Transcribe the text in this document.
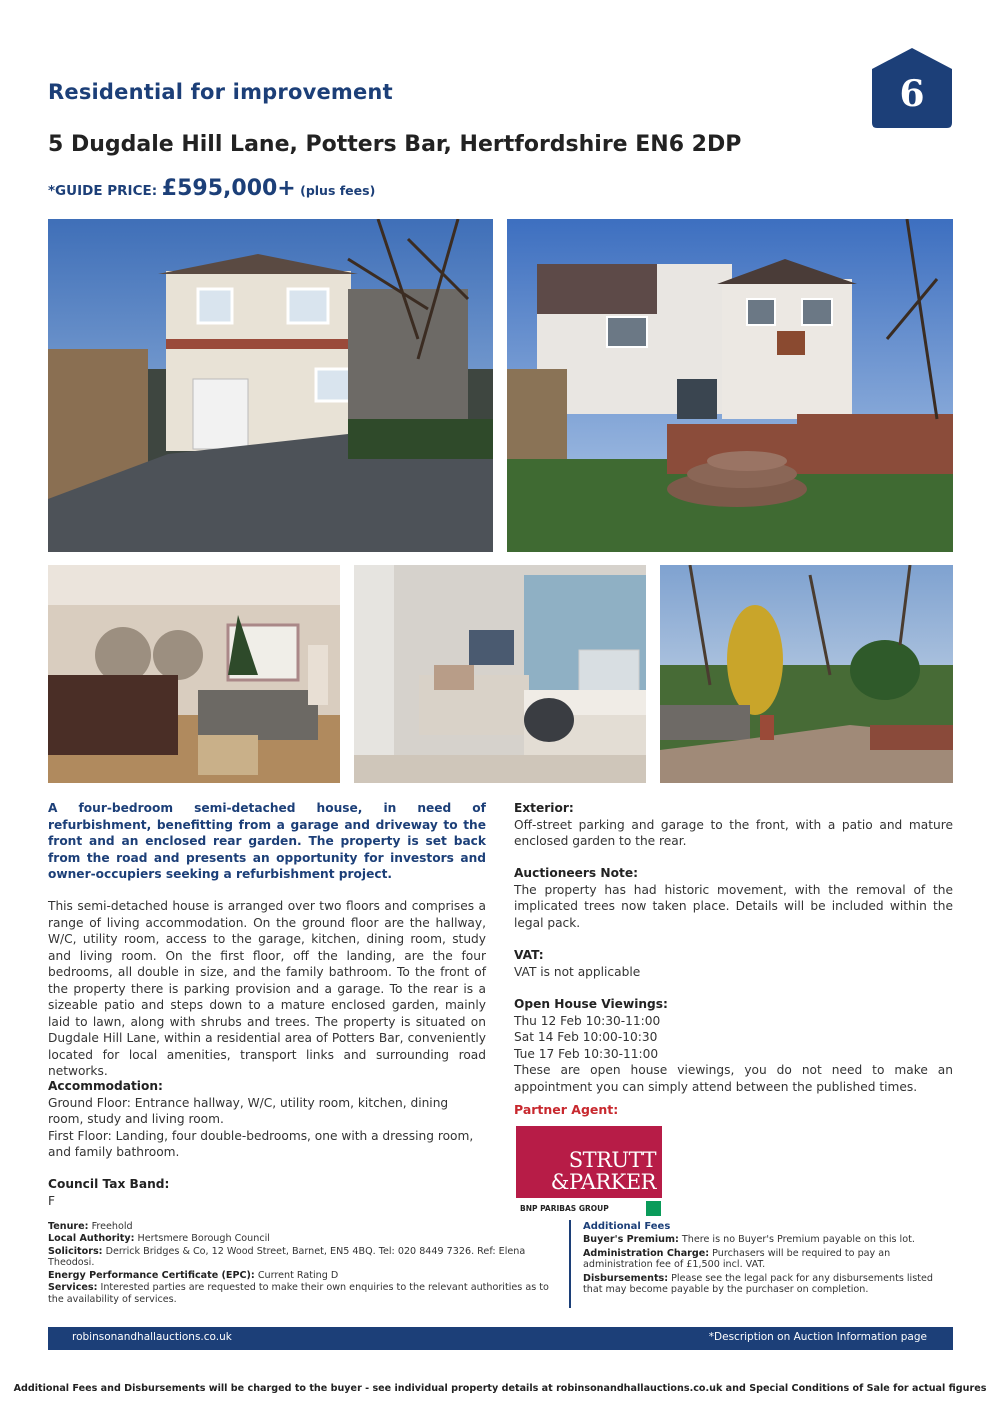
Residential for improvement	6
5 Dugdale Hill Lane, Potters Bar, Hertfordshire EN6 2DP
*GUIDE PRICE: £595,000+ (plus fees)
A four-bedroom semi-detached house, in need of refurbishment, benefitting from a garage and driveway to the front and an enclosed rear garden. The property is set back from the road and presents an opportunity for investors and owner-occupiers seeking a refurbishment project.
This semi-detached house is arranged over two floors and comprises a range of living accommodation. On the ground floor are the hallway, W/C, utility room, access to the garage, kitchen, dining room, study and living room. On the first floor, off the landing, are the four bedrooms, all double in size, and the family bathroom. To the front of the property there is parking provision and a garage. To the rear is a sizeable patio and steps down to a mature enclosed garden, mainly laid to lawn, along with shrubs and trees. The property is situated on Dugdale Hill Lane, within a residential area of Potters Bar, conveniently located for local amenities, transport links and surrounding road networks.
Accommodation:
Ground Floor: Entrance hallway, W/C, utility room, kitchen, dining room, study and living room.
First Floor: Landing, four double-bedrooms, one with a dressing room, and family bathroom.
Council Tax Band:
F
Exterior:
Off-street parking and garage to the front, with a patio and mature enclosed garden to the rear.
Auctioneers Note:
The property has had historic movement, with the removal of the implicated trees now taken place. Details will be included within the legal pack.
VAT:
VAT is not applicable
Open House Viewings:
Thu 12 Feb 10:30-11:00
Sat 14 Feb 10:00-10:30
Tue 17 Feb 10:30-11:00
These are open house viewings, you do not need to make an appointment you can simply attend between the published times.
Partner Agent:
STRUTT
&PARKER
BNP PARIBAS GROUP
Tenure: Freehold
Local Authority: Hertsmere Borough Council
Solicitors: Derrick Bridges & Co, 12 Wood Street, Barnet, EN5 4BQ. Tel: 020 8449 7326. Ref: Elena Theodosi.
Energy Performance Certificate (EPC): Current Rating D
Services: Interested parties are requested to make their own enquiries to the relevant authorities as to the availability of services.
Additional Fees
Buyer's Premium: There is no Buyer's Premium payable on this lot.
Administration Charge: Purchasers will be required to pay an administration fee of £1,500 incl. VAT.
Disbursements: Please see the legal pack for any disbursements listed that may become payable by the purchaser on completion.
robinsonandhallauctions.co.uk	*Description on Auction Information page
Additional Fees and Disbursements will be charged to the buyer - see individual property details at robinsonandhallauctions.co.uk and Special Conditions of Sale for actual figures
